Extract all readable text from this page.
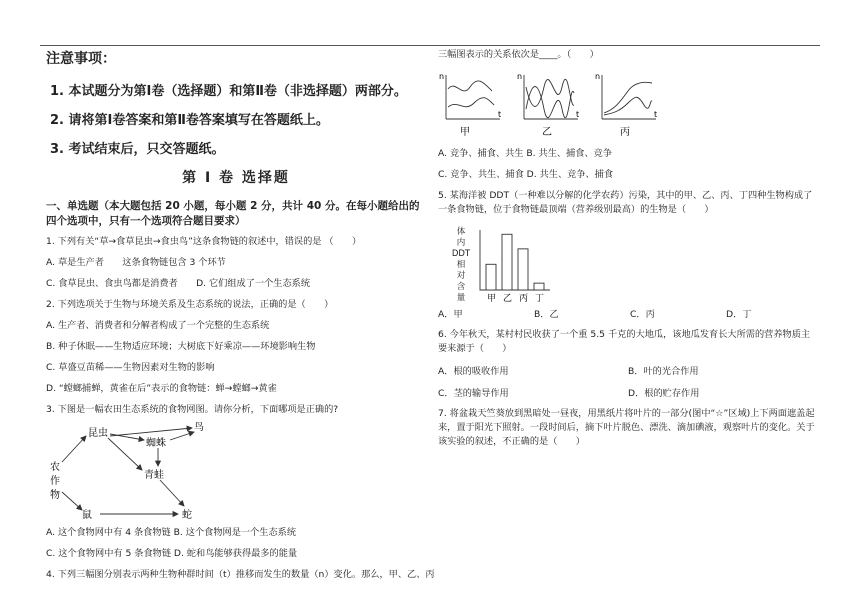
注意事项：
1. 本试题分为第Ⅰ卷（选择题）和第Ⅱ卷（非选择题）两部分。
2. 请将第Ⅰ卷答案和第Ⅱ卷答案填写在答题纸上。
3. 考试结束后，只交答题纸。
第 Ⅰ 卷 选择题
一、单选题（本大题包括 20 小题，每小题 2 分，共计 40 分。在每小题给出的四个选项中，只有一个选项符合题目要求）
1. 下列有关“草→食草昆虫→食虫鸟”这条食物链的叙述中，错误的是 （　　）
A. 草是生产者　　这条食物链包含 3 个环节
C. 食草昆虫、食虫鸟都是消费者　　D. 它们组成了一个生态系统
2. 下列选项关于生物与环境关系及生态系统的说法，正确的是（　　）
A. 生产者、消费者和分解者构成了一个完整的生态系统
B. 种子休眠——生物适应环境；大树底下好乘凉——环境影响生物
C. 草盛豆苗稀——生物因素对生物的影响
D. “螳螂捕蝉，黄雀在后”表示的食物链：蝉→螳螂→黄雀
3. 下图是一幅农田生态系统的食物网图。请你分析，下面哪项是正确的?
农
作
物
昆虫
蜘蛛
鸟
青蛙
鼠	蛇
A. 这个食物网中有 4 条食物链 B. 这个食物网是一个生态系统
C. 这个食物网中有 5 条食物链 D. 蛇和鸟能够获得最多的能量
4. 下列三幅图分别表示两种生物种群时间（t）推移而发生的数量（n）变化。那么，甲、乙、丙
三幅图表示的关系依次是____。（　　）
n
t
甲
n
t
乙
n
t
丙
A. 竞争、捕食、共生 B. 共生、捕食、竞争
C. 竞争、共生、捕食 D. 共生、竞争、捕食
5. 某海洋被 DDT（一种难以分解的化学农药）污染，其中的甲、乙、丙、丁四种生物构成了一条食物链，位于食物链最顶端（营养级别最高）的生物是（　　）
体
内
DDT
相
对
含
量	甲 乙 丙 丁
A．甲	B．乙	C．丙	D．丁
6. 今年秋天，某村村民收获了一个重 5.5 千克的大地瓜，该地瓜发育长大所需的营养物质主要来源于（　　）
A．根的吸收作用	B．叶的光合作用
C．茎的输导作用	D．根的贮存作用
7. 将盆栽天竺葵放到黑暗处一昼夜，用黑纸片将叶片的一部分(图中“☆”区域)上下两面遮盖起来，置于阳光下照射。一段时间后，摘下叶片脱色、漂洗、滴加碘液，观察叶片的变化。关于该实验的叙述，不正确的是（　　）
